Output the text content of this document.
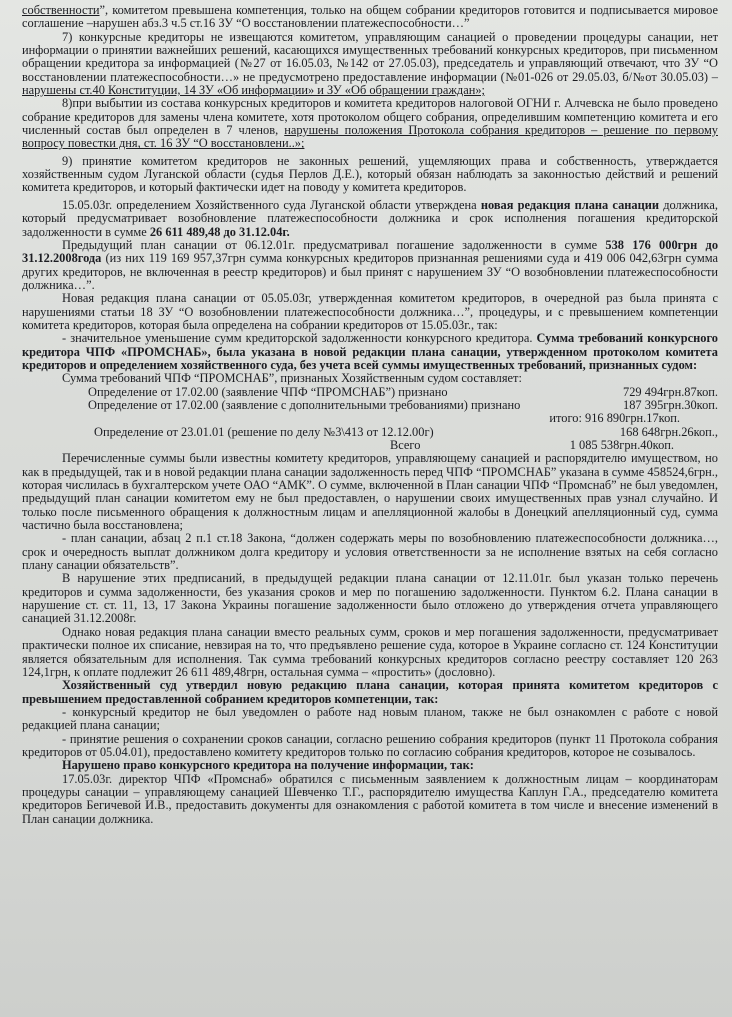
собственности”, комитетом превышена компетенция, только на общем собрании кредиторов готовится и подписывается мировое соглашение –нарушен абз.3 ч.5 ст.16 ЗУ “О восстановлении платежеспособности…”

7) конкурсные кредиторы не извещаются комитетом, управляющим санацией о проведении процедуры санации, нет информации о принятии важнейших решений, касающихся имущественных требований конкурсных кредиторов, при письменном обращении кредитора за информацией (№27 от 16.05.03, №142 от 27.05.03), председатель и управляющий отвечают, что ЗУ “О восстановлении платежеспособности…» не предусмотрено предоставление информации (№01-026 от 29.05.03, б/№от 30.05.03) – нарушены ст.40 Конституции, 14 ЗУ «Об информации» и ЗУ «Об обращении граждан»;

8)при выбытии из состава конкурсных кредиторов и комитета кредиторов налоговой ОГНИ г. Алчевска не было проведено собрание кредиторов для замены члена комитете, хотя протоколом общего собрания, определившим компетенцию комитета и его численный состав был определен в 7 членов, нарушены положения Протокола собрания кредиторов – решение по первому вопросу повестки дня, ст. 16 ЗУ “О восстановлени..»;

9) принятие комитетом кредиторов не законных решений, ущемляющих права и собственность, утверждается хозяйственным судом Луганской области (судья Перлов Д.Е.), который обязан наблюдать за законностью действий и решений комитета кредиторов, и который фактически идет на поводу у комитета кредиторов.

15.05.03г. определением Хозяйственного суда Луганской области утверждена новая редакция плана санации должника, который предусматривает возобновление платежеспособности должника и срок исполнения погашения кредиторской задолженности в сумме 26 611 489,48 до 31.12.04г.

Предыдущий план санации от 06.12.01г. предусматривал погашение задолженности в сумме 538 176 000грн до 31.12.2008года (из них 119 169 957,37грн сумма конкурсных кредиторов признанная решениями суда и 419 006 042,63грн сумма других кредиторов, не включенная в реестр кредиторов) и был принят с нарушением ЗУ “О возобновлении платежеспособности должника…”.

Новая редакция плана санации от 05.05.03г, утвержденная комитетом кредиторов, в очередной раз была принята с нарушениями статьи 18 ЗУ “О возобновлении платежеспособности должника…”, процедуры, и с превышением компетенции комитета кредиторов, которая была определена на собрании кредиторов от 15.05.03г., так:

- значительное уменьшение сумм кредиторской задолженности конкурсного кредитора. Сумма требований конкурсного кредитора ЧПФ «ПРОМСНАБ», была указана в новой редакции плана санации, утвержденном протоколом комитета кредиторов и определением хозяйственного суда, без учета всей суммы имущественных требований, признанных судом:

Сумма требований ЧПФ “ПРОМСНАБ”, признаных Хозяйственным судом составляет:

Определение от 17.02.00 (заявление ЧПФ “ПРОМСНАБ”) признано	729 494грн.87коп.
Определение от 17.02.00 (заявление с дополнительными требованиями) признано	187 395грн.30коп.
итого: 916 890грн.17коп.
Определение от 23.01.01 (решение по делу №3\413 от 12.12.00г)	168 648грн.26коп.,
Всего	1 085 538грн.40коп.

Перечисленные суммы были известны комитету кредиторов, управляющему санацией и распорядителю имуществом, но как в предыдущей, так и в новой редакции плана санации задолженность перед ЧПФ “ПРОМСНАБ” указана в сумме 458524,6грн., которая числилась в бухгалтерском учете ОАО “АМК”. О сумме, включенной в План санации ЧПФ “Промснаб” не был уведомлен, предыдущий план санации комитетом ему не был предоставлен, о нарушении своих имущественных прав узнал случайно. И только после письменного обращения к должностным лицам и апелляционной жалобы в Донецкий апелляционный суд, сумма частично была восстановлена;

- план санации, абзац 2 п.1 ст.18 Закона, “должен содержать меры по возобновлению платежеспособности должника…, срок и очередность выплат должником долга кредитору и условия ответственности за не исполнение взятых на себя согласно плану санации обязательств”.

В нарушение этих предписаний, в предыдущей редакции плана санации от 12.11.01г. был указан только перечень кредиторов и сумма задолженности, без указания сроков и мер по погашению задолженности. Пунктом 6.2. Плана санации в нарушение ст. ст. 11, 13, 17 Закона Украины погашение задолженности было отложено до утверждения отчета управляющего санацией 31.12.2008г.

Однако новая редакция плана санации вместо реальных сумм, сроков и мер погашения задолженности, предусматривает практически полное их списание, невзирая на то, что предъявлено решение суда, которое в Украине согласно ст. 124 Конституции является обязательным для исполнения. Так сумма требований конкурсных кредиторов согласно реестру составляет 120 263 124,1грн, к оплате подлежит 26 611 489,48грн, остальная сумма – «простить» (дословно).

Хозяйственный суд утвердил новую редакцию плана санации, которая принята комитетом кредиторов с превышением предоставленной собранием кредиторов компетенции, так:

- конкурсный кредитор не был уведомлен о работе над новым планом, также не был ознакомлен с работе с новой редакцией плана санации;

- принятие решения о сохранении сроков санации, согласно решению собрания кредиторов (пункт 11 Протокола собрания кредиторов от 05.04.01), предоставлено комитету кредиторов только по согласию собрания кредиторов, которое не созывалось.

Нарушено право конкурсного кредитора на получение информации, так:

17.05.03г. директор ЧПФ «Промснаб» обратился с письменным заявлением к должностным лицам – координаторам процедуры санации – управляющему санацией Шевченко Т.Г., распорядителю имущества Каплун Г.А., председателю комитета кредиторов Бегичевой И.В., предоставить документы для ознакомления с работой комитета в том числе и внесение изменений в План санации должника.
